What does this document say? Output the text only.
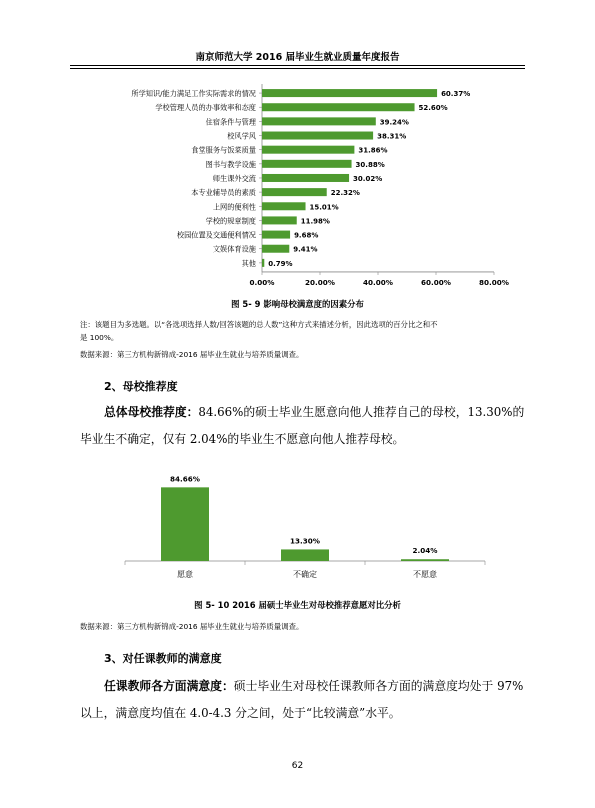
南京师范大学 2016 届毕业生就业质量年度报告
所学知识/能力满足工作实际需求的情况	60.37%
学校管理人员的办事效率和态度	52.60%
住宿条件与管理	39.24%
校风学风	38.31%
食堂服务与饭菜质量	31.86%
图书与教学设施	30.88%
师生课外交流	30.02%
本专业辅导员的素质	22.32%
上网的便利性	15.01%
学校的规章制度	11.98%
校园位置及交通便利情况	9.68%
文娱体育设施	9.41%
其他 0.79%
0.00%	20.00%	40.00%	60.00%	80.00%
图 5- 9 影响母校满意度的因素分布
注：该题目为多选题。以“各选项选择人数/回答该题的总人数”这种方式来描述分析，因此选项的百分比之和不
是 100%。
数据来源：第三方机构新锦成-2016 届毕业生就业与培养质量调查。
2、母校推荐度
总体母校推荐度：84.66%的硕士毕业生愿意向他人推荐自己的母校，13.30%的
毕业生不确定，仅有 2.04%的毕业生不愿意向他人推荐母校。
84.66%
愿意
13.30%
不确定
2.04%
不愿意
图 5- 10 2016 届硕士毕业生对母校推荐意愿对比分析
数据来源：第三方机构新锦成-2016 届毕业生就业与培养质量调查。
3、对任课教师的满意度
任课教师各方面满意度：硕士毕业生对母校任课教师各方面的满意度均处于 97%
以上，满意度均值在 4.0-4.3 分之间，处于“比较满意”水平。
62
